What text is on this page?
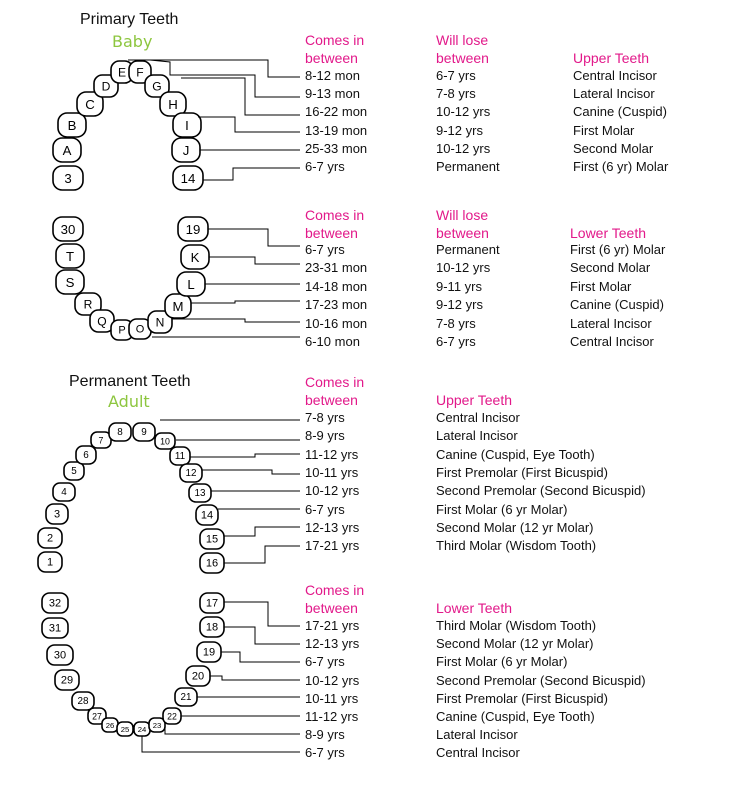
Primary Teeth
Baby	Comes in
between
Will lose
between	Upper Teeth
8-12 mon	6-7 yrs	Central Incisor
9-13 mon	7-8 yrs	Lateral Incisor
16-22 mon	10-12 yrs	Canine (Cuspid)
13-19 mon	9-12 yrs	First Molar
25-33 mon	10-12 yrs	Second Molar
6-7 yrs	Permanent	First (6 yr) Molar
Comes in
between
Will lose
between	Lower Teeth
6-7 yrs	Permanent	First (6 yr) Molar
23-31 mon	10-12 yrs	Second Molar
14-18 mon	9-11 yrs	First Molar
17-23 mon	9-12 yrs	Canine (Cuspid)
10-16 mon	7-8 yrs	Lateral Incisor
6-10 mon	6-7 yrs	Central Incisor
Permanent Teeth
Adult
Comes in
between	Upper Teeth
7-8 yrs	Central Incisor
8-9 yrs	Lateral Incisor
11-12 yrs	Canine (Cuspid, Eye Tooth)
10-11 yrs	First Premolar (First Bicuspid)
10-12 yrs	Second Premolar (Second Bicuspid)
6-7 yrs	First Molar (6 yr Molar)
12-13 yrs	Second Molar (12 yr Molar)
17-21 yrs	Third Molar (Wisdom Tooth)
Comes in
between	Lower Teeth
17-21 yrs	Third Molar (Wisdom Tooth)
12-13 yrs	Second Molar (12 yr Molar)
6-7 yrs	First Molar (6 yr Molar)
10-12 yrs	Second Premolar (Second Bicuspid)
10-11 yrs	First Premolar (First Bicuspid)
11-12 yrs	Canine (Cuspid, Eye Tooth)
8-9 yrs	Lateral Incisor
6-7 yrs	Central Incisor
3
A
B
C
D
E F
G
H
I
J
14
30
T
S
R
Q
P O N
M
L
K
19
1
2
3
4
5
6
7
8 9
10
11
12
13
14
15
16
32
31
30
29
28
27
26 25 24 23
22
21
20
19
18
17
